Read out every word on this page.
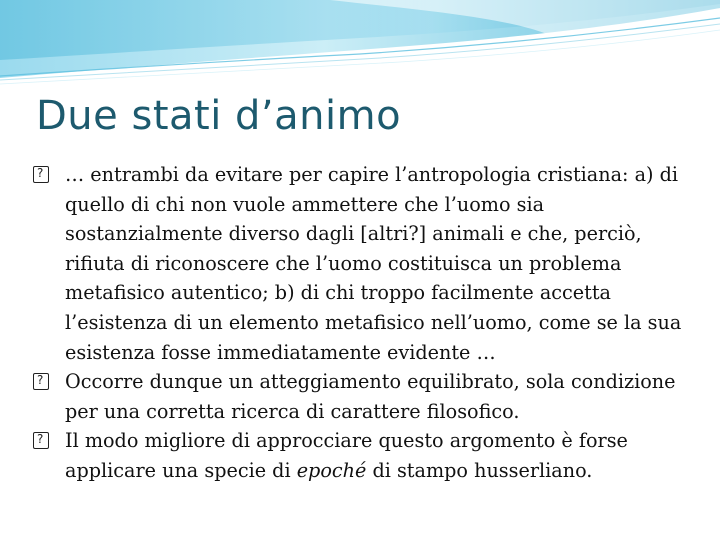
Due stati d’animo

?
… entrambi da evitare per capire l’antropologia cristiana: a) di quello di chi non vuole ammettere che l’uomo sia sostanzialmente diverso dagli [altri?] animali e che, perciò, rifiuta di riconoscere che l’uomo costituisca un problema metafisico autentico; b) di chi troppo facilmente accetta l’esistenza di un elemento metafisico nell’uomo, come se la sua esistenza fosse immediatamente evidente …

?
Occorre dunque un atteggiamento equilibrato, sola condizione per una corretta ricerca di carattere filosofico.

?
Il modo migliore di approcciare questo argomento è forse applicare una specie di epoché di stampo husserliano.
